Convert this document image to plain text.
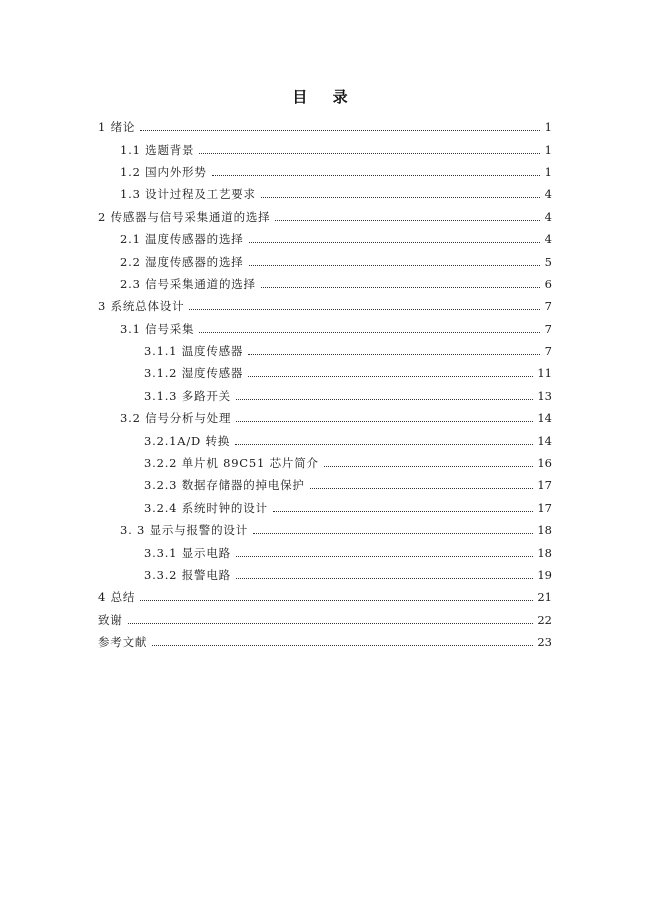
目 录
1 绪论	1
1.1 选题背景	1
1.2 国内外形势	1
1.3 设计过程及工艺要求	4
2 传感器与信号采集通道的选择	4
2.1 温度传感器的选择	4
2.2 湿度传感器的选择	5
2.3 信号采集通道的选择	6
3 系统总体设计	7
3.1 信号采集	7
3.1.1 温度传感器	7
3.1.2 湿度传感器	11
3.1.3 多路开关	13
3.2 信号分析与处理	14
3.2.1A/D 转换	14
3.2.2 单片机 89C51 芯片简介	16
3.2.3 数据存储器的掉电保护	17
3.2.4 系统时钟的设计	17
3. 3 显示与报警的设计	18
3.3.1 显示电路	18
3.3.2 报警电路	19
4 总结	21
致谢	22
参考文献	23
